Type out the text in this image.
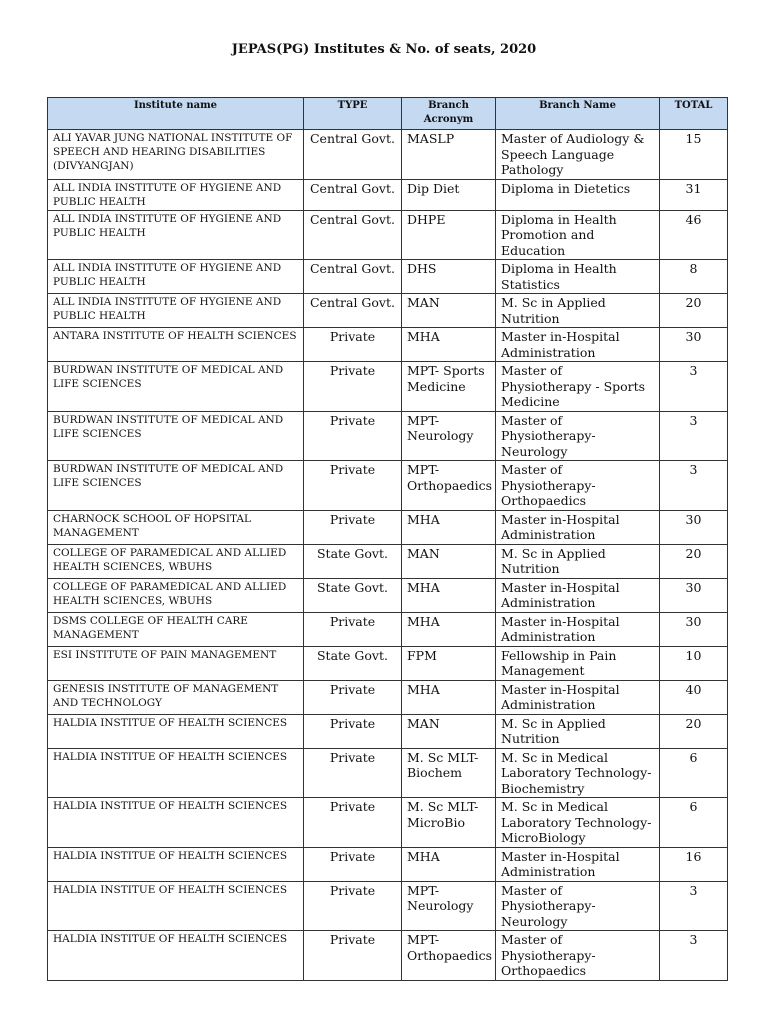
JEPAS(PG) Institutes & No. of seats, 2020
Institute name	TYPE	Branch Acronym	Branch Name	TOTAL
ALI YAVAR JUNG NATIONAL INSTITUTE OF SPEECH AND HEARING DISABILITIES (DIVYANGJAN)	Central Govt.	MASLP	Master of Audiology & Speech Language Pathology	15
ALL INDIA INSTITUTE OF HYGIENE AND PUBLIC HEALTH	Central Govt.	Dip Diet	Diploma in Dietetics	31
ALL INDIA INSTITUTE OF HYGIENE AND PUBLIC HEALTH	Central Govt.	DHPE	Diploma in Health Promotion and Education	46
ALL INDIA INSTITUTE OF HYGIENE AND PUBLIC HEALTH	Central Govt.	DHS	Diploma in Health Statistics	8
ALL INDIA INSTITUTE OF HYGIENE AND PUBLIC HEALTH	Central Govt.	MAN	M. Sc in Applied Nutrition	20
ANTARA INSTITUTE OF HEALTH SCIENCES	Private	MHA	Master in-Hospital Administration	30
BURDWAN INSTITUTE OF MEDICAL AND LIFE SCIENCES	Private	MPT- Sports Medicine	Master of Physiotherapy - Sports Medicine	3
BURDWAN INSTITUTE OF MEDICAL AND LIFE SCIENCES	Private	MPT-Neurology	Master of Physiotherapy-Neurology	3
BURDWAN INSTITUTE OF MEDICAL AND LIFE SCIENCES	Private	MPT-Orthopaedics	Master of Physiotherapy-Orthopaedics	3
CHARNOCK SCHOOL OF HOPSITAL MANAGEMENT	Private	MHA	Master in-Hospital Administration	30
COLLEGE OF PARAMEDICAL AND ALLIED HEALTH SCIENCES, WBUHS	State Govt.	MAN	M. Sc in Applied Nutrition	20
COLLEGE OF PARAMEDICAL AND ALLIED HEALTH SCIENCES, WBUHS	State Govt.	MHA	Master in-Hospital Administration	30
DSMS COLLEGE OF HEALTH CARE MANAGEMENT	Private	MHA	Master in-Hospital Administration	30
ESI INSTITUTE OF PAIN MANAGEMENT	State Govt.	FPM	Fellowship in Pain Management	10
GENESIS INSTITUTE OF MANAGEMENT AND TECHNOLOGY	Private	MHA	Master in-Hospital Administration	40
HALDIA INSTITUE OF HEALTH SCIENCES	Private	MAN	M. Sc in Applied Nutrition	20
HALDIA INSTITUE OF HEALTH SCIENCES	Private	M. Sc MLT-Biochem	M. Sc in Medical Laboratory Technology-Biochemistry	6
HALDIA INSTITUE OF HEALTH SCIENCES	Private	M. Sc MLT-MicroBio	M. Sc in Medical Laboratory Technology-MicroBiology	6
HALDIA INSTITUE OF HEALTH SCIENCES	Private	MHA	Master in-Hospital Administration	16
HALDIA INSTITUE OF HEALTH SCIENCES	Private	MPT-Neurology	Master of Physiotherapy-Neurology	3
HALDIA INSTITUE OF HEALTH SCIENCES	Private	MPT-Orthopaedics	Master of Physiotherapy-Orthopaedics	3
